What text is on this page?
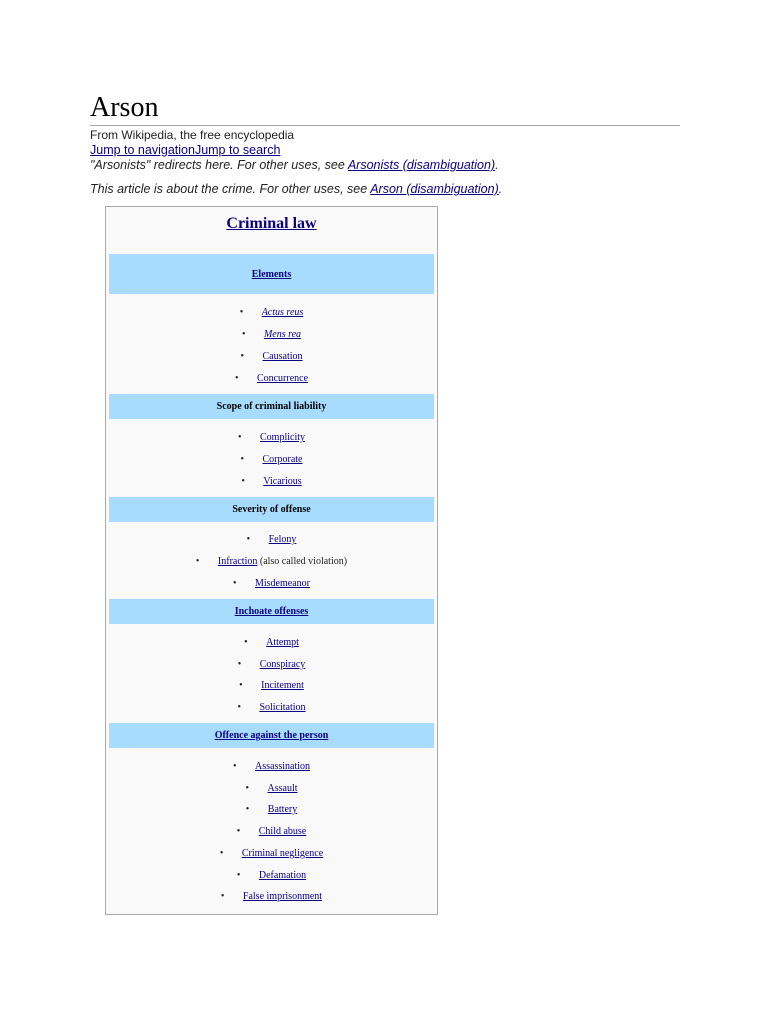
Arson
From Wikipedia, the free encyclopedia
Jump to navigationJump to search
"Arsonists" redirects here. For other uses, see Arsonists (disambiguation).
This article is about the crime. For other uses, see Arson (disambiguation).
Criminal law
Elements
• Actus reus
• Mens rea
• Causation
• Concurrence
Scope of criminal liability
• Complicity
• Corporate
• Vicarious
Severity of offense
• Felony
• Infraction (also called violation)
• Misdemeanor
Inchoate offenses
• Attempt
• Conspiracy
• Incitement
• Solicitation
Offence against the person
• Assassination
• Assault
• Battery
• Child abuse
• Criminal negligence
• Defamation
• False imprisonment
